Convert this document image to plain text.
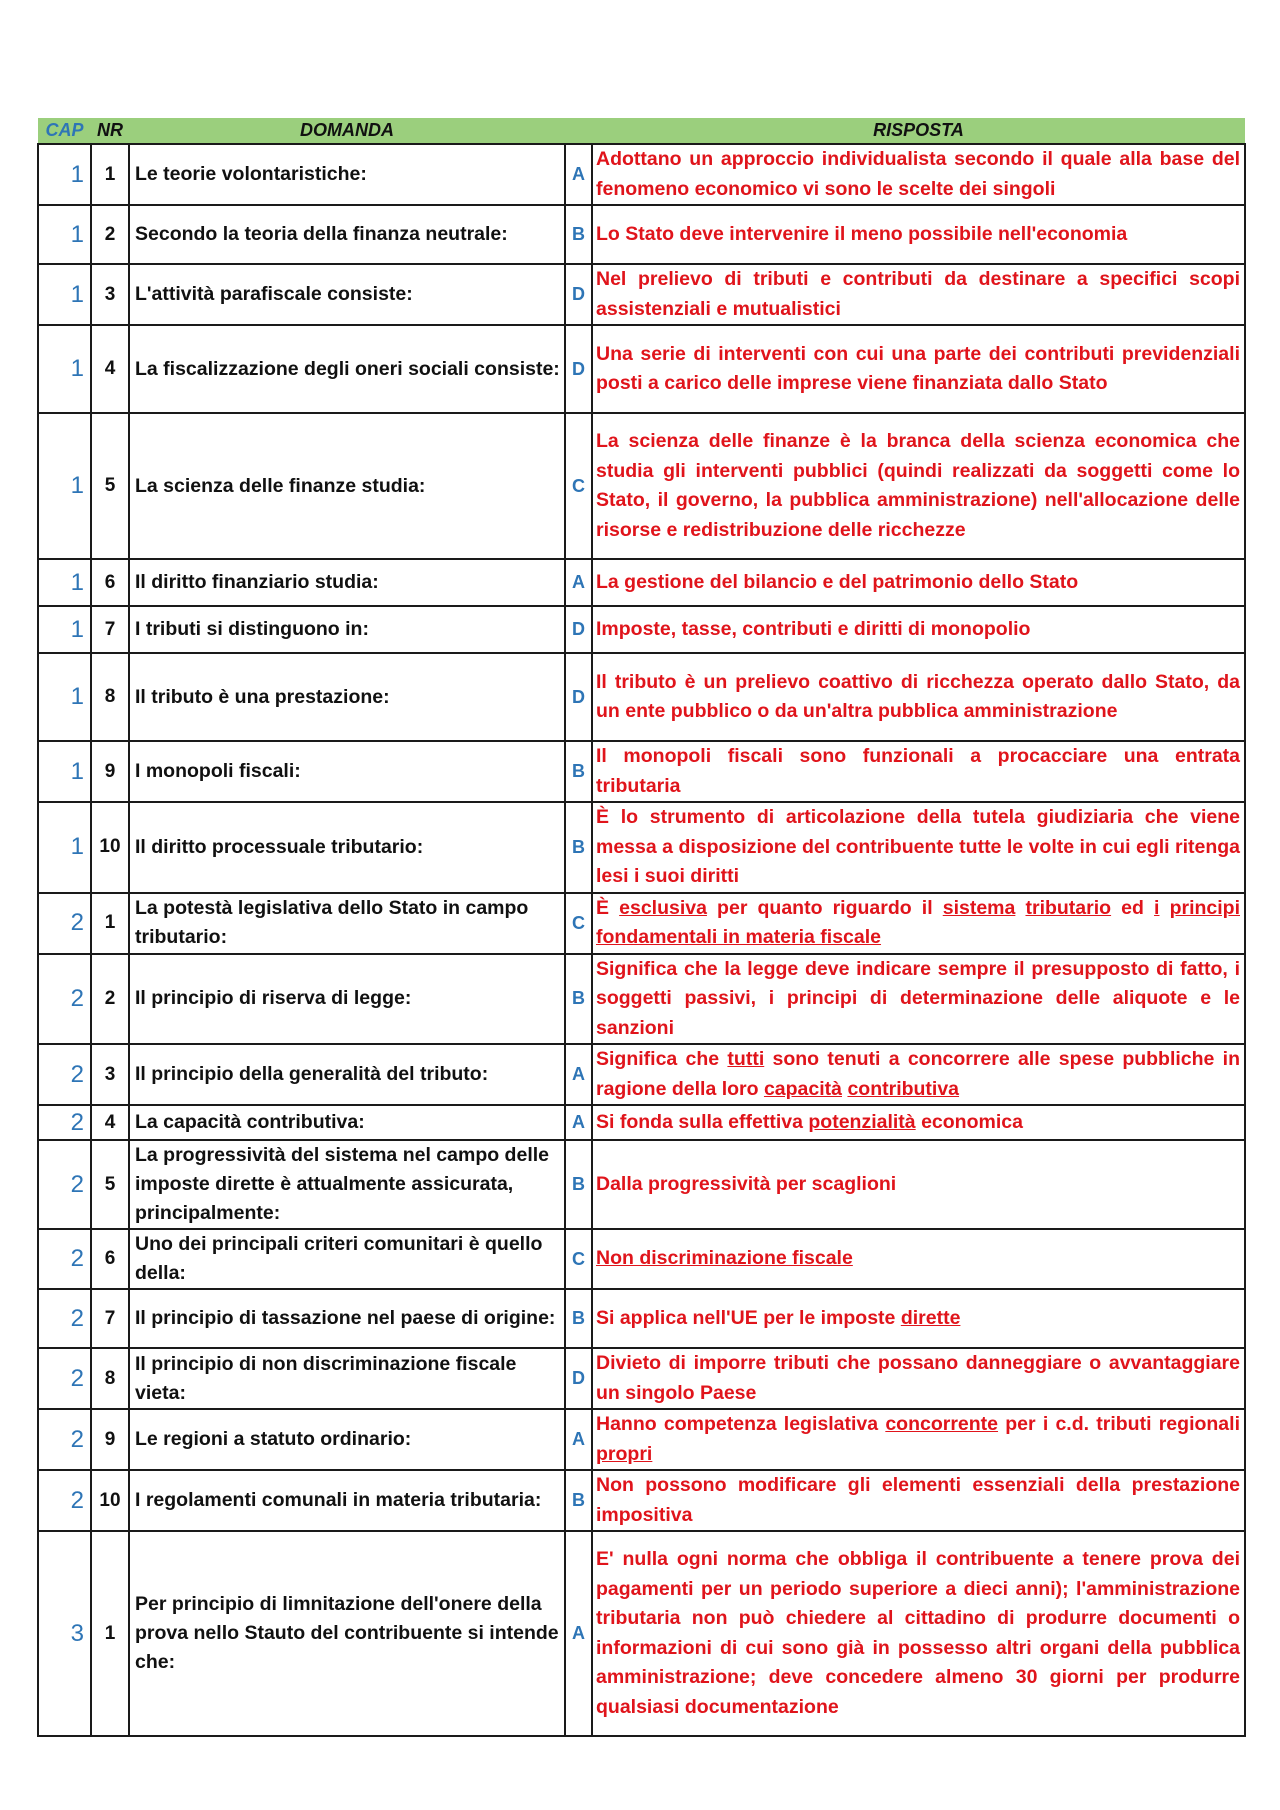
CAP	NR	DOMANDA		RISPOSTA
1	1	Le teorie volontaristiche:	A	Adottano un approccio individualista secondo il quale alla base del fenomeno economico vi sono le scelte dei singoli
1	2	Secondo la teoria della finanza neutrale:	B	Lo Stato deve intervenire il meno possibile nell'economia
1	3	L'attività parafiscale consiste:	D	Nel prelievo di tributi e contributi da destinare a specifici scopi assistenziali e mutualistici
1	4	La fiscalizzazione degli oneri sociali consiste:	D	Una serie di interventi con cui una parte dei contributi previdenziali posti a carico delle imprese viene finanziata dallo Stato
1	5	La scienza delle finanze studia:	C	La scienza delle finanze è la branca della scienza economica che studia gli interventi pubblici (quindi realizzati da soggetti come lo Stato, il governo, la pubblica amministrazione) nell'allocazione delle risorse e redistribuzione delle ricchezze
1	6	Il diritto finanziario studia:	A	La gestione del bilancio e del patrimonio dello Stato
1	7	I tributi si distinguono in:	D	Imposte, tasse, contributi e diritti di monopolio
1	8	Il tributo è una prestazione:	D	Il tributo è un prelievo coattivo di ricchezza operato dallo Stato, da un ente pubblico o da un'altra pubblica amministrazione
1	9	I monopoli fiscali:	B	Il monopoli fiscali sono funzionali a procacciare una entrata tributaria
1	10	Il diritto processuale tributario:	B	È lo strumento di articolazione della tutela giudiziaria che viene messa a disposizione del contribuente tutte le volte in cui egli ritenga lesi i suoi diritti
2	1	La potestà legislativa dello Stato in campo tributario:	C	È esclusiva per quanto riguardo il sistema tributario ed i principi fondamentali in materia fiscale
2	2	Il principio di riserva di legge:	B	Significa che la legge deve indicare sempre il presupposto di fatto, i soggetti passivi, i principi di determinazione delle aliquote e le sanzioni
2	3	Il principio della generalità del tributo:	A	Significa che tutti sono tenuti a concorrere alle spese pubbliche in ragione della loro capacità contributiva
2	4	La capacità contributiva:	A	Si fonda sulla effettiva potenzialità economica
2	5	La progressività del sistema nel campo delle imposte dirette è attualmente assicurata, principalmente:	B	Dalla progressività per scaglioni
2	6	Uno dei principali criteri comunitari è quello della:	C	Non discriminazione fiscale
2	7	Il principio di tassazione nel paese di origine:	B	Si applica nell'UE per le imposte dirette
2	8	Il principio di non discriminazione fiscale vieta:	D	Divieto di imporre tributi che possano danneggiare o avvantaggiare un singolo Paese
2	9	Le regioni a statuto ordinario:	A	Hanno competenza legislativa concorrente per i c.d. tributi regionali propri
2	10	I regolamenti comunali in materia tributaria:	B	Non possono modificare gli elementi essenziali della prestazione impositiva
3	1	Per principio di limnitazione dell'onere della prova nello Stauto del contribuente si intende che:	A	E' nulla ogni norma che obbliga il contribuente a tenere prova dei pagamenti per un periodo superiore a dieci anni); l'amministrazione tributaria non può chiedere al cittadino di produrre documenti o informazioni di cui sono già in possesso altri organi della pubblica amministrazione; deve concedere almeno 30 giorni per produrre qualsiasi documentazione
